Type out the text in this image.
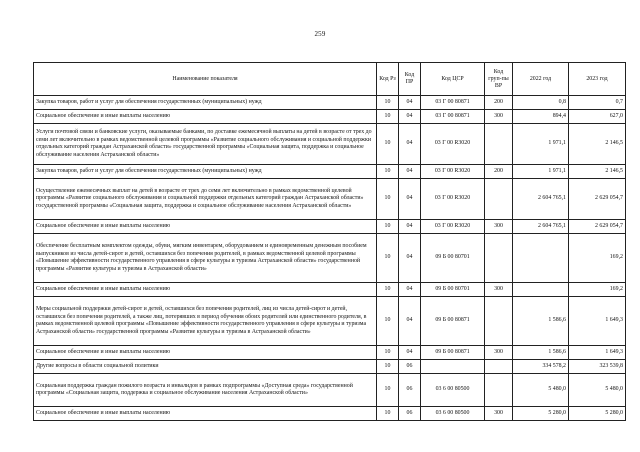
259
Наименование показателя	Код Рз	Код ПР	Код ЦСР	Код груп-пы ВР	2022 год	2023 год
Закупка товаров, работ и услуг для обеспечения государственных (муниципальных) нужд	10	04	03 Г 00 80871	200	0,8	0,7
Социальное обеспечение и иные выплаты населению	10	04	03 Г 00 80871	300	894,4	627,0
Услуги почтовой связи и банковские услуги, оказываемые банками, по доставке ежемесячной выплаты на детей в возрасте от трех до семи лет включительно в рамках ведомственной целевой программы «Развитие социального обслуживания и социальной поддержки отдельных категорий граждан Астраханской области» государственной программы «Социальная защита, поддержка и социальное обслуживание населения Астраханской области»	10	04	03 Г 00 R3020		1 971,1	2 146,5
Закупка товаров, работ и услуг для обеспечения государственных (муниципальных) нужд	10	04	03 Г 00 R3020	200	1 971,1	2 146,5
Осуществление ежемесячных выплат на детей в возрасте от трех до семи лет включительно в рамках ведомственной целевой программы «Развитие социального обслуживания и социальной поддержки отдельных категорий граждан Астраханской области» государственной программы «Социальная защита, поддержка и социальное обслуживание населения Астраханской области»	10	04	03 Г 00 R3020		2 604 765,1	2 629 054,7
Социальное обеспечение и иные выплаты населению	10	04	03 Г 00 R3020	300	2 604 765,1	2 629 054,7
Обеспечение бесплатным комплектом одежды, обуви, мягким инвентарем, оборудованием и единовременным денежным пособием выпускников из числа детей-сирот и детей, оставшихся без попечения родителей, в рамках ведомственной целевой программы «Повышение эффективности государственного управления в сфере культуры и туризма Астраханской области» государственной программы «Развитие культуры и туризма в Астраханской области»	10	04	09 Б 00 80701			169,2
Социальное обеспечение и иные выплаты населению	10	04	09 Б 00 80701	300		169,2
Меры социальной поддержки детей-сирот и детей, оставшихся без попечения родителей, лиц из числа детей-сирот и детей, оставшихся без попечения родителей, а также лиц, потерявших в период обучения обоих родителей или единственного родителя, в рамках ведомственной целевой программы «Повышение эффективности государственного управления в сфере культуры и туризма Астраханской области» государственной программы «Развитие культуры и туризма в Астраханской области»	10	04	09 Б 00 80871		1 586,6	1 649,3
Социальное обеспечение и иные выплаты населению	10	04	09 Б 00 80871	300	1 586,6	1 649,3
Другие вопросы в области социальной политики	10	06			334 578,2	323 539,8
Социальная поддержка граждан пожилого возраста и инвалидов в рамках подпрограммы «Доступная среда» государственной программы «Социальная защита, поддержка и социальное обслуживание населения Астраханской области»	10	06	03 6 00 80500		5 480,0	5 480,0
Социальное обеспечение и иные выплаты населению	10	06	03 6 00 80500	300	5 280,0	5 280,0
